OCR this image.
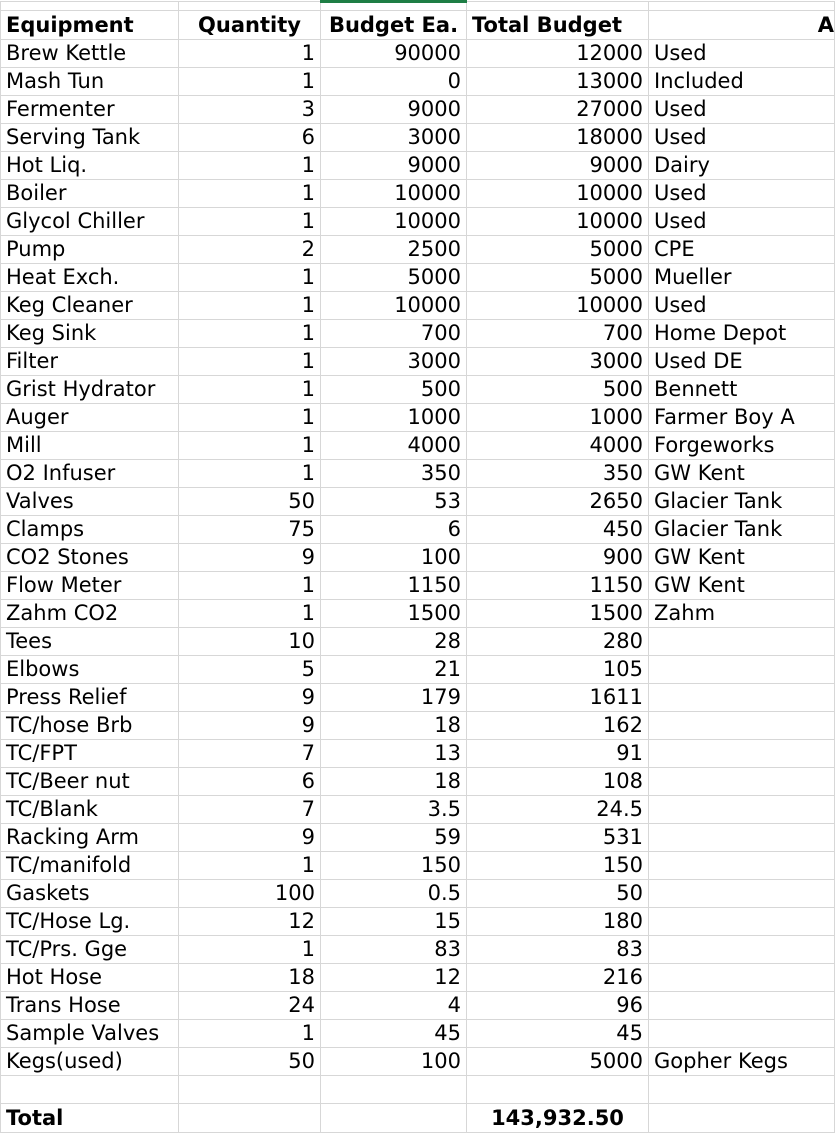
Equipment	Quantity	Budget Ea.	Total Budget	A
Brew Kettle	1	90000	12000	Used
Mash Tun	1	0	13000	Included
Fermenter	3	9000	27000	Used
Serving Tank	6	3000	18000	Used
Hot Liq.	1	9000	9000	Dairy
Boiler	1	10000	10000	Used
Glycol Chiller	1	10000	10000	Used
Pump	2	2500	5000	CPE
Heat Exch.	1	5000	5000	Mueller
Keg Cleaner	1	10000	10000	Used
Keg Sink	1	700	700	Home Depot
Filter	1	3000	3000	Used DE
Grist Hydrator	1	500	500	Bennett
Auger	1	1000	1000	Farmer Boy A
Mill	1	4000	4000	Forgeworks
O2 Infuser	1	350	350	GW Kent
Valves	50	53	2650	Glacier Tank
Clamps	75	6	450	Glacier Tank
CO2 Stones	9	100	900	GW Kent
Flow Meter	1	1150	1150	GW Kent
Zahm CO2	1	1500	1500	Zahm
Tees	10	28	280	
Elbows	5	21	105	
Press Relief	9	179	1611	
TC/hose Brb	9	18	162	
TC/FPT	7	13	91	
TC/Beer nut	6	18	108	
TC/Blank	7	3.5	24.5	
Racking Arm	9	59	531	
TC/manifold	1	150	150	
Gaskets	100	0.5	50	
TC/Hose Lg.	12	15	180	
TC/Prs. Gge	1	83	83	
Hot Hose	18	12	216	
Trans Hose	24	4	96	
Sample Valves	1	45	45	
Kegs(used)	50	100	5000	Gopher Kegs

Total			143,932.50	
